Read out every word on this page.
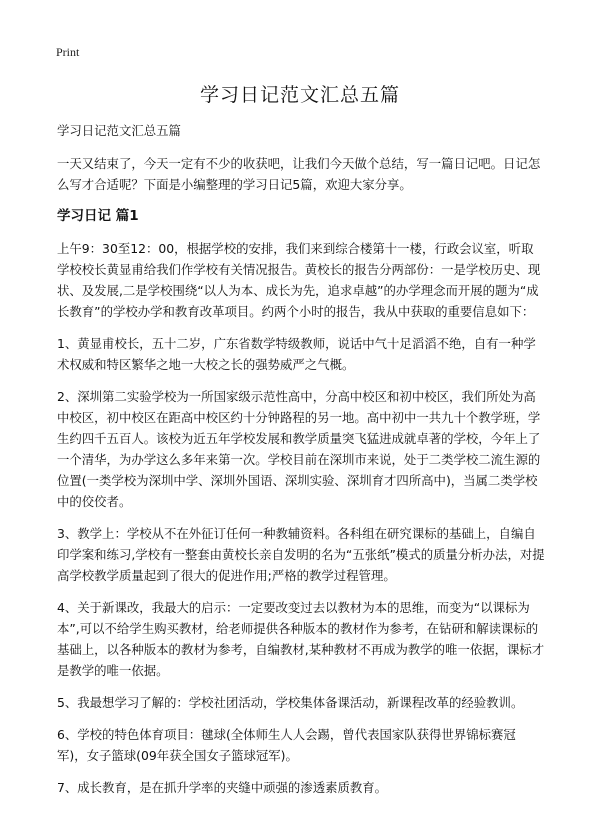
Print
学习日记范文汇总五篇

学习日记范文汇总五篇

一天又结束了，今天一定有不少的收获吧，让我们今天做个总结，写一篇日记吧。日记怎么写才合适呢？下面是小编整理的学习日记5篇，欢迎大家分享。

学习日记 篇1

上午9：30至12：00，根据学校的安排，我们来到综合楼第十一楼，行政会议室，听取学校校长黄显甫给我们作学校有关情况报告。黄校长的报告分两部份：一是学校历史、现状、及发展,二是学校围绕“以人为本、成长为先，追求卓越”的办学理念而开展的题为“成长教育”的学校办学和教育改革项目。约两个小时的报告，我从中获取的重要信息如下：

1、黄显甫校长，五十二岁，广东省数学特级教师，说话中气十足滔滔不绝，自有一种学术权威和特区繁华之地一大校之长的强势威严之气概。

2、深圳第二实验学校为一所国家级示范性高中，分高中校区和初中校区，我们所处为高中校区，初中校区在距高中校区约十分钟路程的另一地。高中初中一共九十个教学班，学生约四千五百人。该校为近五年学校发展和教学质量突飞猛进成就卓著的学校，今年上了一个清华，为办学这么多年来第一次。学校目前在深圳市来说，处于二类学校二流生源的位置(一类学校为深圳中学、深圳外国语、深圳实验、深圳育才四所高中)，当属二类学校中的佼佼者。

3、教学上：学校从不在外征订任何一种教辅资料。各科组在研究课标的基础上，自编自印学案和练习,学校有一整套由黄校长亲自发明的名为“五张纸”模式的质量分析办法，对提高学校教学质量起到了很大的促进作用;严格的教学过程管理。

4、关于新课改，我最大的启示：一定要改变过去以教材为本的思维，而变为“以课标为本”,可以不给学生购买教材，给老师提供各种版本的教材作为参考，在钻研和解读课标的基础上，以各种版本的教材为参考，自编教材,某种教材不再成为教学的唯一依据，课标才是教学的唯一依据。

5、我最想学习了解的：学校社团活动，学校集体备课活动，新课程改革的经验教训。

6、学校的特色体育项目：毽球(全体师生人人会踢，曾代表国家队获得世界锦标赛冠军)，女子篮球(09年获全国女子篮球冠军)。

7、成长教育，是在抓升学率的夹缝中顽强的渗透素质教育。
